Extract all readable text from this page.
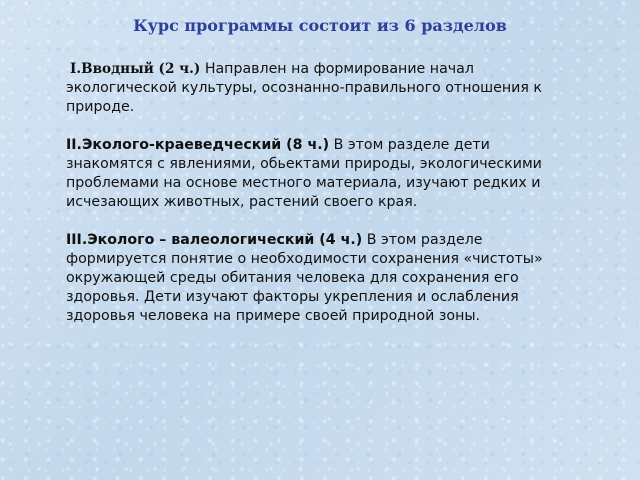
Курс программы состоит из 6 разделов

I.Вводный (2 ч.) Направлен на формирование начал экологической культуры, осознанно-правильного отношения к природе.

II.Эколого-краеведческий (8 ч.) В этом разделе дети знакомятся с явлениями, обьектами природы, экологическими проблемами на основе местного материала, изучают редких и исчезающих животных, растений своего края.

III.Эколого – валеологический (4 ч.) В этом разделе формируется понятие о необходимости сохранения «чистоты» окружающей среды обитания человека для сохранения его здоровья. Дети изучают факторы укрепления и ослабления здоровья человека на примере своей природной зоны.
